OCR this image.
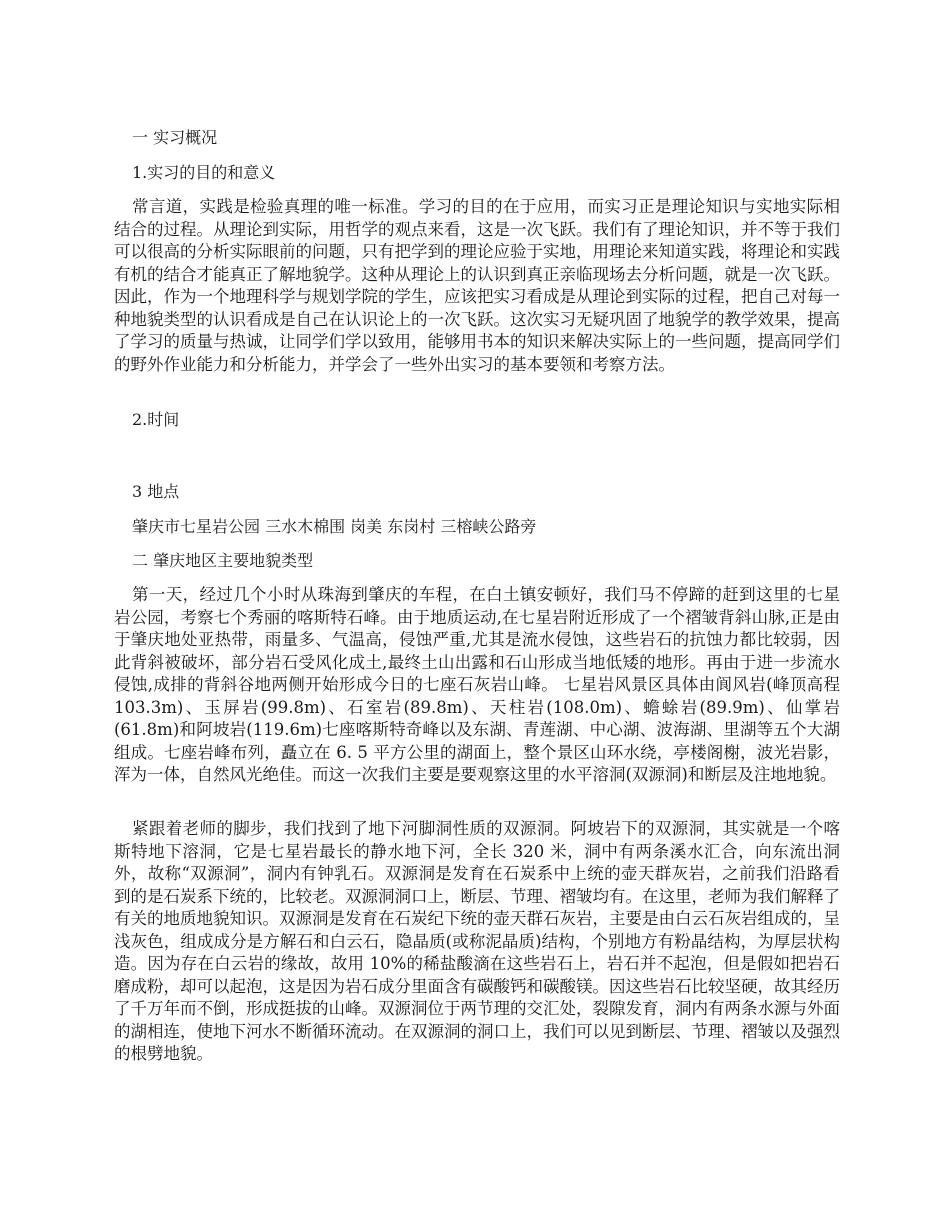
一 实习概况
1.实习的目的和意义

常言道，实践是检验真理的唯一标准。学习的目的在于应用，而实习正是理论知识与实地实际相结合的过程。从理论到实际，用哲学的观点来看，这是一次飞跃。我们有了理论知识，并不等于我们可以很高的分析实际眼前的问题，只有把学到的理论应验于实地，用理论来知道实践，将理论和实践有机的结合才能真正了解地貌学。这种从理论上的认识到真正亲临现场去分析问题，就是一次飞跃。因此，作为一个地理科学与规划学院的学生，应该把实习看成是从理论到实际的过程，把自己对每一种地貌类型的认识看成是自己在认识论上的一次飞跃。这次实习无疑巩固了地貌学的教学效果，提高了学习的质量与热诚，让同学们学以致用，能够用书本的知识来解决实际上的一些问题，提高同学们的野外作业能力和分析能力，并学会了一些外出实习的基本要领和考察方法。

2.时间
3 地点
肇庆市七星岩公园 三水木棉围 岗美 东岗村 三榕峡公路旁
二 肇庆地区主要地貌类型

第一天，经过几个小时从珠海到肇庆的车程，在白土镇安顿好，我们马不停蹄的赶到这里的七星岩公园，考察七个秀丽的喀斯特石峰。由于地质运动,在七星岩附近形成了一个褶皱背斜山脉,正是由于肇庆地处亚热带，雨量多、气温高，侵蚀严重,尤其是流水侵蚀，这些岩石的抗蚀力都比较弱，因此背斜被破坏，部分岩石受风化成土,最终土山出露和石山形成当地低矮的地形。再由于进一步流水侵蚀,成排的背斜谷地两侧开始形成今日的七座石灰岩山峰。 七星岩风景区具体由阆风岩(峰顶高程 103.3m)、玉屏岩(99.8m)、石室岩(89.8m)、天柱岩(108.0m)、蟾蜍岩(89.9m)、仙掌岩(61.8m)和阿坡岩(119.6m)七座喀斯特奇峰以及东湖、青莲湖、中心湖、波海湖、里湖等五个大湖组成。七座岩峰布列，矗立在 6. 5 平方公里的湖面上，整个景区山环水绕，亭楼阁榭，波光岩影，浑为一体，自然风光绝佳。而这一次我们主要是要观察这里的水平溶洞(双源洞)和断层及注地地貌。

紧跟着老师的脚步，我们找到了地下河脚洞性质的双源洞。阿坡岩下的双源洞，其实就是一个喀斯特地下溶洞，它是七星岩最长的静水地下河，全长 320 米，洞中有两条溪水汇合，向东流出洞外，故称“双源洞”，洞内有钟乳石。双源洞是发育在石炭系中上统的壶天群灰岩，之前我们沿路看到的是石炭系下统的，比较老。双源洞洞口上，断层、节理、褶皱均有。在这里，老师为我们解释了有关的地质地貌知识。双源洞是发育在石炭纪下统的壶天群石灰岩，主要是由白云石灰岩组成的，呈浅灰色，组成成分是方解石和白云石，隐晶质(或称泥晶质)结构，个别地方有粉晶结构，为厚层状构造。因为存在白云岩的缘故，故用 10%的稀盐酸滴在这些岩石上，岩石并不起泡，但是假如把岩石磨成粉，却可以起泡，这是因为岩石成分里面含有碳酸钙和碳酸镁。因这些岩石比较坚硬，故其经历了千万年而不倒，形成挺拔的山峰。双源洞位于两节理的交汇处，裂隙发育，洞内有两条水源与外面的湖相连，使地下河水不断循环流动。在双源洞的洞口上，我们可以见到断层、节理、褶皱以及强烈的根劈地貌。
